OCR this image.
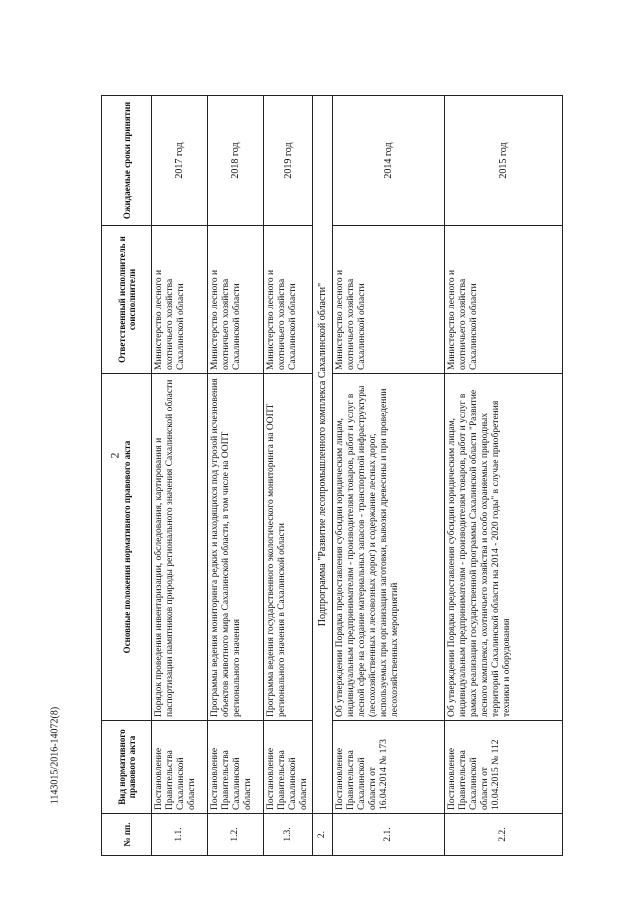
2
1143015/2016-14072(8)
№ пп.	Вид нормативного правового акта	Основные положения нормативного правового акта	Ответственный исполнитель и соисполнители	Ожидаемые сроки принятия
1.1.	Постановление Правительства Сахалинской области	Порядок проведения инвентаризации, обследования, картирования и паспортизации памятников природы регионального значения Сахалинской области	Министерство лесного и охотничьего хозяйства Сахалинской области	2017 год
1.2.	Постановление Правительства Сахалинской области	Программы ведения мониторинга редких и находящихся под угрозой исчезновения объектов животного мира Сахалинской области, в том числе на ООПТ регионального значения	Министерство лесного и охотничьего хозяйства Сахалинской области	2018 год
1.3.	Постановление Правительства Сахалинской области	Программа ведения государственного экологического мониторинга на ООПТ регионального значения в Сахалинской области	Министерство лесного и охотничьего хозяйства Сахалинской области	2019 год
2.	Подпрограмма "Развитие лесопромышленного комплекса Сахалинской области"			
2.1.	Постановление Правительства Сахалинской области от 16.04.2014 № 173	Об утверждении Порядка предоставления субсидии юридическим лицам, индивидуальным предпринимателям - производителям товаров, работ и услуг в лесной сфере на создание материальных запасов - транспортной инфраструктуры (лесохозяйственных и лесовозных дорог) и содержание лесных дорог, используемых при организации заготовки, вывозки древесины и при проведении лесохозяйственных мероприятий	Министерство лесного и охотничьего хозяйства Сахалинской области	2014 год
2.2.	Постановление Правительства Сахалинской области от 10.04.2015 № 112	Об утверждении Порядка предоставления субсидии юридическим лицам, индивидуальным предпринимателям - производителям товаров, работ и услуг в рамках реализации государственной программы Сахалинской области "Развитие лесного комплекса, охотничьего хозяйства и особо охраняемых природных территорий Сахалинской области на 2014 - 2020 годы" в случае приобретения техники и оборудования	Министерство лесного и охотничьего хозяйства Сахалинской области	2015 год
